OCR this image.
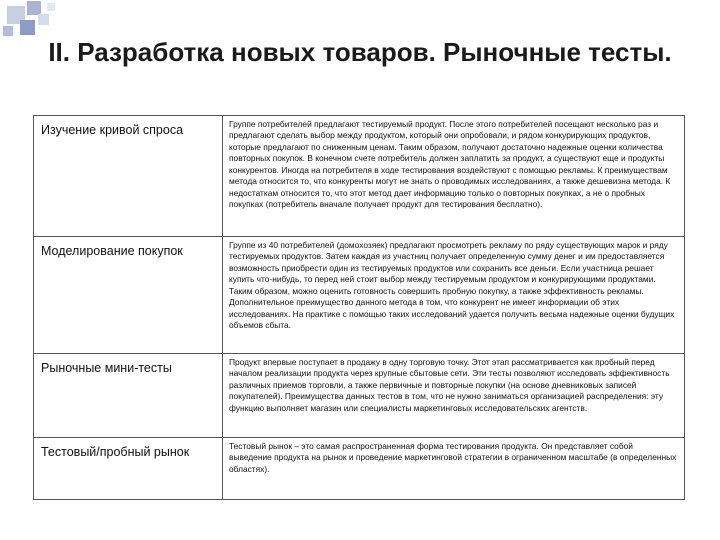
II. Разработка новых товаров. Рыночные тесты.
Изучение кривой спроса	Группе потребителей предлагают тестируемый продукт. После этого потребителей посещают несколько раз и предлагают сделать выбор между продуктом, который они опробовали, и рядом конкурирующих продуктов, которые предлагают по сниженным ценам. Таким образом, получают достаточно надежные оценки количества повторных покупок. В конечном счете потребитель должен заплатить за продукт, а существуют еще и продукты конкурентов. Иногда на потребителя в ходе тестирования воздействуют с помощью рекламы. К преимуществам метода относится то, что конкуренты могут не знать о проводимых исследованиях, а также дешевизна метода. К недостаткам относится то, что этот метод дает информацию только о повторных покупках, а не о пробных покупках (потребитель вначале получает продукт для тестирования бесплатно).
Моделирование покупок	Группе из 40 потребителей (домохозяек) предлагают просмотреть рекламу по ряду существующих марок и ряду тестируемых продуктов. Затем каждая из участниц получает определенную сумму денег и им предоставляется возможность приобрести один из тестируемых продуктов или сохранить все деньги. Если участница решает купить что-нибудь, то перед ней стоит выбор между тестируемым продуктом и конкурирующими продуктами. Таким образом, можно оценить готовность совершить пробную покупку, а также эффективность рекламы. Дополнительное преимущество данного метода в том, что конкурент не имеет информации об этих исследованиях. На практике с помощью таких исследований удается получить весьма надежные оценки будущих объемов сбыта.
Рыночные мини-тесты	Продукт впервые поступает в продажу в одну торговую точку. Этот этап рассматривается как пробный перед началом реализации продукта через крупные сбытовые сети. Эти тесты позволяют исследовать эффективность различных приемов торговли, а также первичные и повторные покупки (на основе дневниковых записей покупателей). Преимущества данных тестов в том, что не нужно заниматься организацией распределения: эту функцию выполняет магазин или специалисты маркетинговых исследовательских агентств.
Тестовый/пробный рынок	Тестовый рынок – это самая распространенная форма тестирования продукта. Он представляет собой выведение продукта на рынок и проведение маркетинговой стратегии в ограниченном масштабе (в определенных областях).
